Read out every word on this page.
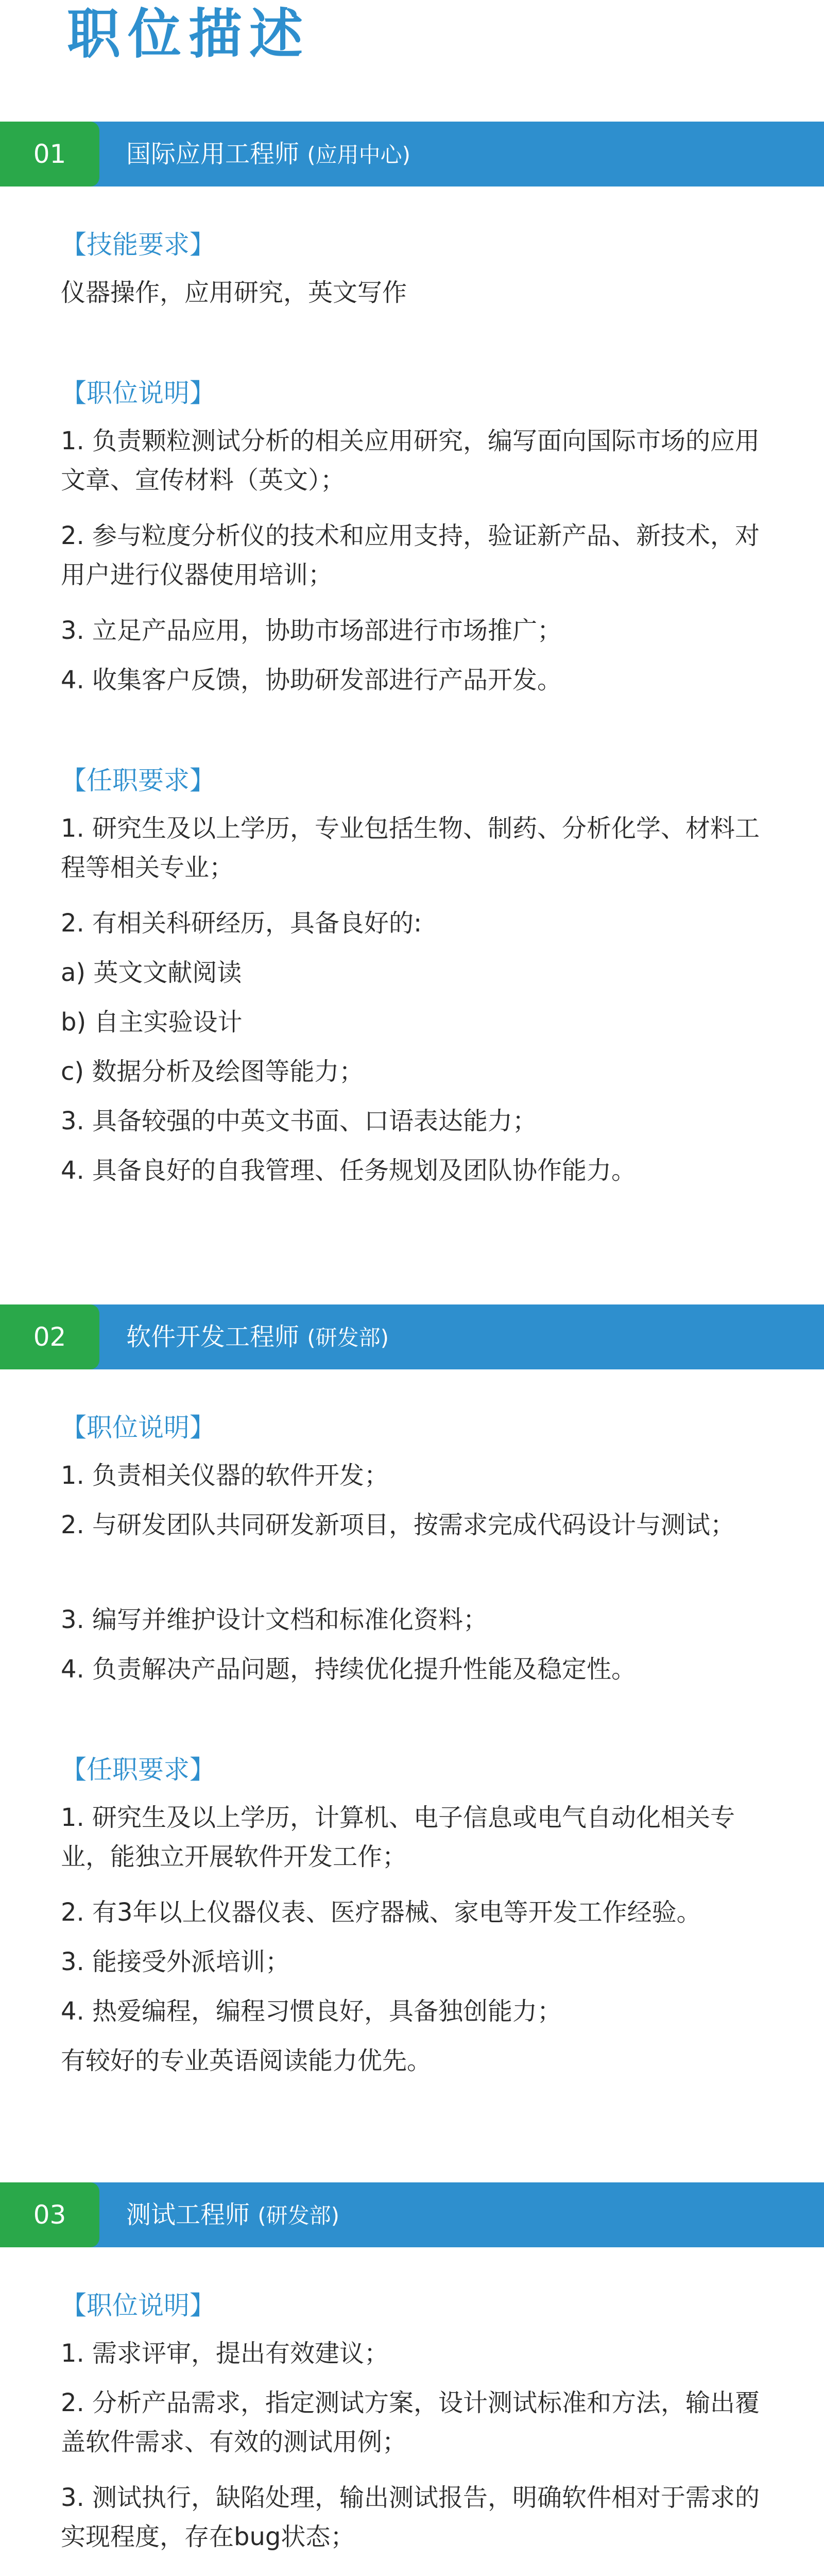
职位描述
01	国际应用工程师 (应用中心)
【技能要求】
仪器操作，应用研究，英文写作
【职位说明】
1. 负责颗粒测试分析的相关应用研究，编写面向国际市场的应用文章、宣传材料（英文）；
2. 参与粒度分析仪的技术和应用支持，验证新产品、新技术，对用户进行仪器使用培训；
3. 立足产品应用，协助市场部进行市场推广；
4. 收集客户反馈，协助研发部进行产品开发。
【任职要求】
1. 研究生及以上学历，专业包括生物、制药、分析化学、材料工程等相关专业；
2. 有相关科研经历，具备良好的:
a) 英文文献阅读
b) 自主实验设计
c) 数据分析及绘图等能力；
3. 具备较强的中英文书面、口语表达能力；
4. 具备良好的自我管理、任务规划及团队协作能力。
02	软件开发工程师 (研发部)
【职位说明】
1. 负责相关仪器的软件开发；
2. 与研发团队共同研发新项目，按需求完成代码设计与测试；
3. 编写并维护设计文档和标准化资料；
4. 负责解决产品问题，持续优化提升性能及稳定性。
【任职要求】
1. 研究生及以上学历，计算机、电子信息或电气自动化相关专业，能独立开展软件开发工作；
2. 有3年以上仪器仪表、医疗器械、家电等开发工作经验。
3. 能接受外派培训；
4. 热爱编程，编程习惯良好，具备独创能力；
有较好的专业英语阅读能力优先。
03	测试工程师 (研发部)
【职位说明】
1. 需求评审，提出有效建议；
2. 分析产品需求，指定测试方案，设计测试标准和方法，输出覆盖软件需求、有效的测试用例；
3. 测试执行，缺陷处理，输出测试报告，明确软件相对于需求的实现程度，存在bug状态；
